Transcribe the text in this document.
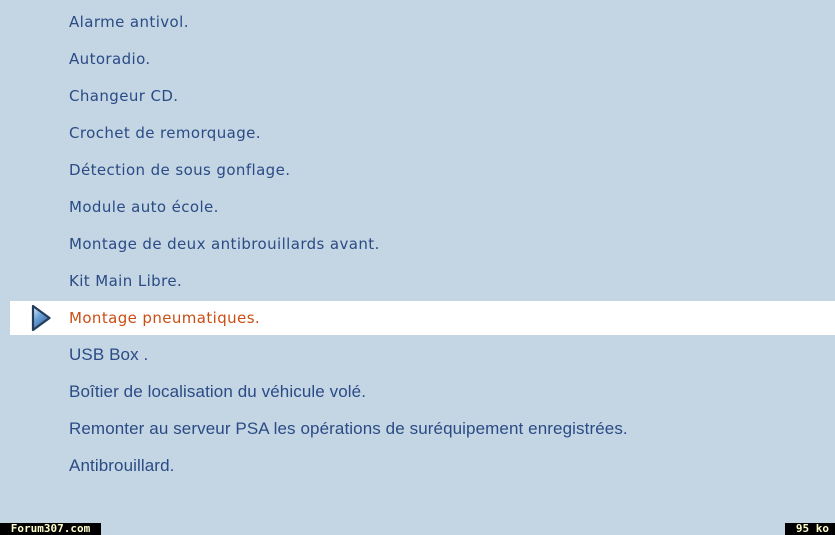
Alarme antivol.
Autoradio.
Changeur CD.
Crochet de remorquage.
Détection de sous gonflage.
Module auto école.
Montage de deux antibrouillards avant.
Kit Main Libre.
Montage pneumatiques.
USB Box .
Boîtier de localisation du véhicule volé.
Remonter au serveur PSA les opérations de suréquipement enregistrées.
Antibrouillard.
Forum307.com	95 ko
